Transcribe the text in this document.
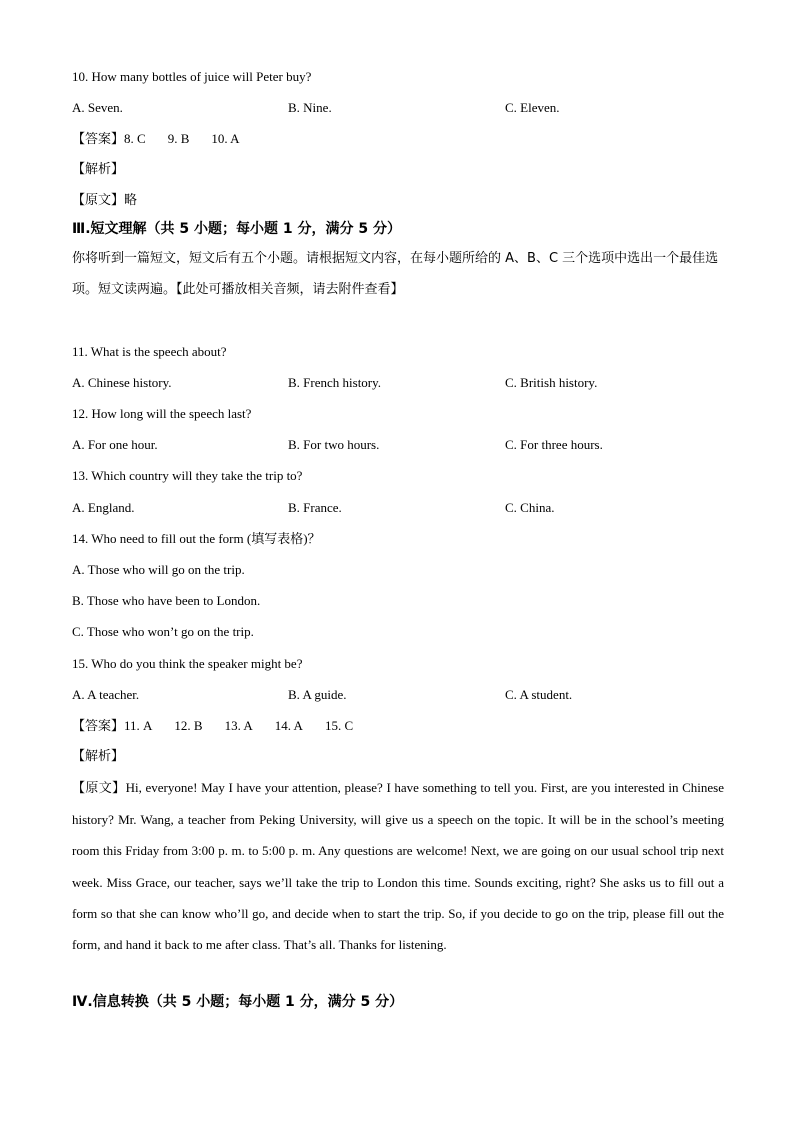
10. How many bottles of juice will Peter buy?
A. Seven.	B. Nine.	C. Eleven.
【答案】8. C 9. B 10. A
【解析】
【原文】略
Ⅲ.短文理解（共 5 小题；每小题 1 分，满分 5 分）
你将听到一篇短文，短文后有五个小题。请根据短文内容，在每小题所给的 A、B、C 三个选项中选出一个最佳选项。短文读两遍。【此处可播放相关音频，请去附件查看】
11. What is the speech about?
A. Chinese history.	B. French history.	C. British history.
12. How long will the speech last?
A. For one hour.	B. For two hours.	C. For three hours.
13. Which country will they take the trip to?
A. England.	B. France.	C. China.
14. Who need to fill out the form (填写表格)？
A. Those who will go on the trip.
B. Those who have been to London.
C. Those who won’t go on the trip.
15. Who do you think the speaker might be?
A. A teacher.	B. A guide.	C. A student.
【答案】11. A 12. B 13. A 14. A 15. C
【解析】
【原文】Hi, everyone! May I have your attention, please? I have something to tell you. First, are you interested in Chinese history? Mr. Wang, a teacher from Peking University, will give us a speech on the topic. It will be in the school’s meeting room this Friday from 3:00 p. m. to 5:00 p. m. Any questions are welcome! Next, we are going on our usual school trip next week. Miss Grace, our teacher, says we’ll take the trip to London this time. Sounds exciting, right? She asks us to fill out a form so that she can know who’ll go, and decide when to start the trip. So, if you decide to go on the trip, please fill out the form, and hand it back to me after class. That’s all. Thanks for listening.
Ⅳ.信息转换（共 5 小题；每小题 1 分，满分 5 分）
